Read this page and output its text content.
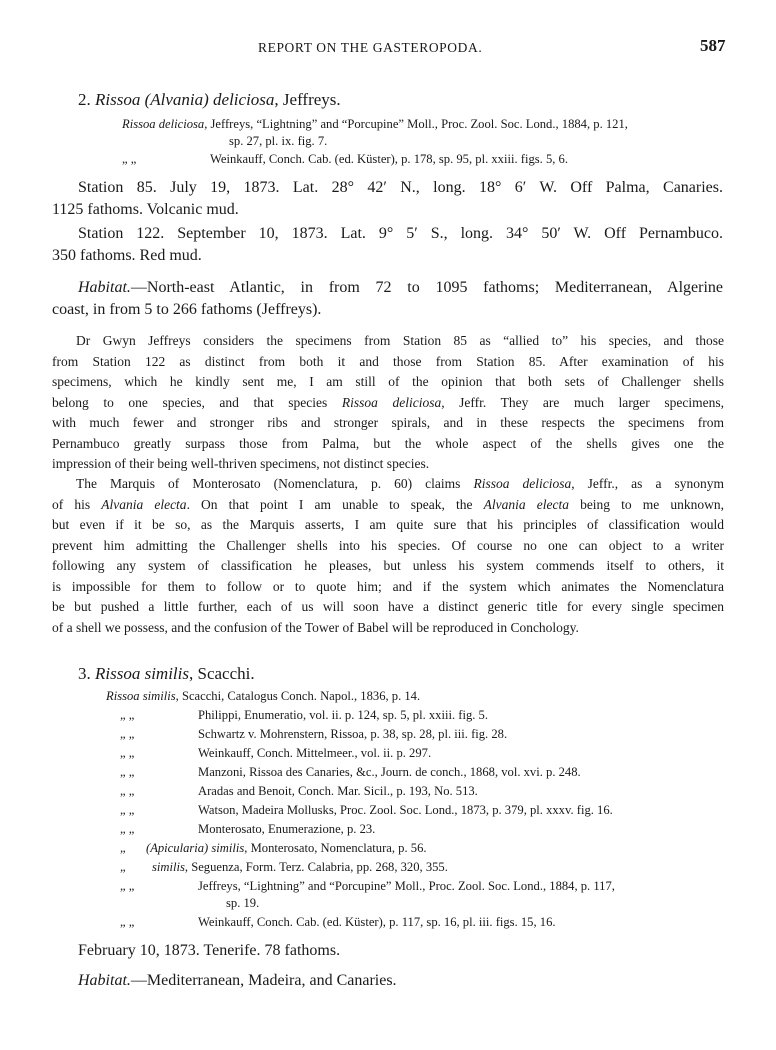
REPORT ON THE GASTEROPODA.	587
2. Rissoa (Alvania) deliciosa, Jeffreys.
Rissoa deliciosa, Jeffreys, “Lightning” and “Porcupine” Moll., Proc. Zool. Soc. Lond., 1884, p. 121,
sp. 27, pl. ix. fig. 7.
„ „	Weinkauff, Conch. Cab. (ed. Küster), p. 178, sp. 95, pl. xxiii. figs. 5, 6.
Station 85. July 19, 1873. Lat. 28° 42′ N., long. 18° 6′ W. Off Palma, Canaries.
1125 fathoms. Volcanic mud.
Station 122. September 10, 1873. Lat. 9° 5′ S., long. 34° 50′ W. Off Pernambuco.
350 fathoms. Red mud.
Habitat.—North-east Atlantic, in from 72 to 1095 fathoms; Mediterranean, Algerine
coast, in from 5 to 266 fathoms (Jeffreys).
Dr Gwyn Jeffreys considers the specimens from Station 85 as “allied to” his species, and those
from Station 122 as distinct from both it and those from Station 85. After examination of his
specimens, which he kindly sent me, I am still of the opinion that both sets of Challenger shells
belong to one species, and that species Rissoa deliciosa, Jeffr. They are much larger specimens,
with much fewer and stronger ribs and stronger spirals, and in these respects the specimens from
Pernambuco greatly surpass those from Palma, but the whole aspect of the shells gives one the
impression of their being well-thriven specimens, not distinct species.
The Marquis of Monterosato (Nomenclatura, p. 60) claims Rissoa deliciosa, Jeffr., as a synonym
of his Alvania electa. On that point I am unable to speak, the Alvania electa being to me unknown,
but even if it be so, as the Marquis asserts, I am quite sure that his principles of classification would
prevent him admitting the Challenger shells into his species. Of course no one can object to a writer
following any system of classification he pleases, but unless his system commends itself to others, it
is impossible for them to follow or to quote him; and if the system which animates the Nomenclatura
be but pushed a little further, each of us will soon have a distinct generic title for every single specimen
of a shell we possess, and the confusion of the Tower of Babel will be reproduced in Conchology.
3. Rissoa similis, Scacchi.
Rissoa similis, Scacchi, Catalogus Conch. Napol., 1836, p. 14.
„ „	Philippi, Enumeratio, vol. ii. p. 124, sp. 5, pl. xxiii. fig. 5.
„ „	Schwartz v. Mohrenstern, Rissoa, p. 38, sp. 28, pl. iii. fig. 28.
„ „	Weinkauff, Conch. Mittelmeer., vol. ii. p. 297.
„ „	Manzoni, Rissoa des Canaries, &c., Journ. de conch., 1868, vol. xvi. p. 248.
„ „	Aradas and Benoit, Conch. Mar. Sicil., p. 193, No. 513.
„ „	Watson, Madeira Mollusks, Proc. Zool. Soc. Lond., 1873, p. 379, pl. xxxv. fig. 16.
„ „	Monterosato, Enumerazione, p. 23.
„ (Apicularia) similis, Monterosato, Nomenclatura, p. 56.
„ similis, Seguenza, Form. Terz. Calabria, pp. 268, 320, 355.
„ „	Jeffreys, “Lightning” and “Porcupine” Moll., Proc. Zool. Soc. Lond., 1884, p. 117,
sp. 19.
„ „	Weinkauff, Conch. Cab. (ed. Küster), p. 117, sp. 16, pl. iii. figs. 15, 16.
February 10, 1873. Tenerife. 78 fathoms.
Habitat.—Mediterranean, Madeira, and Canaries.
